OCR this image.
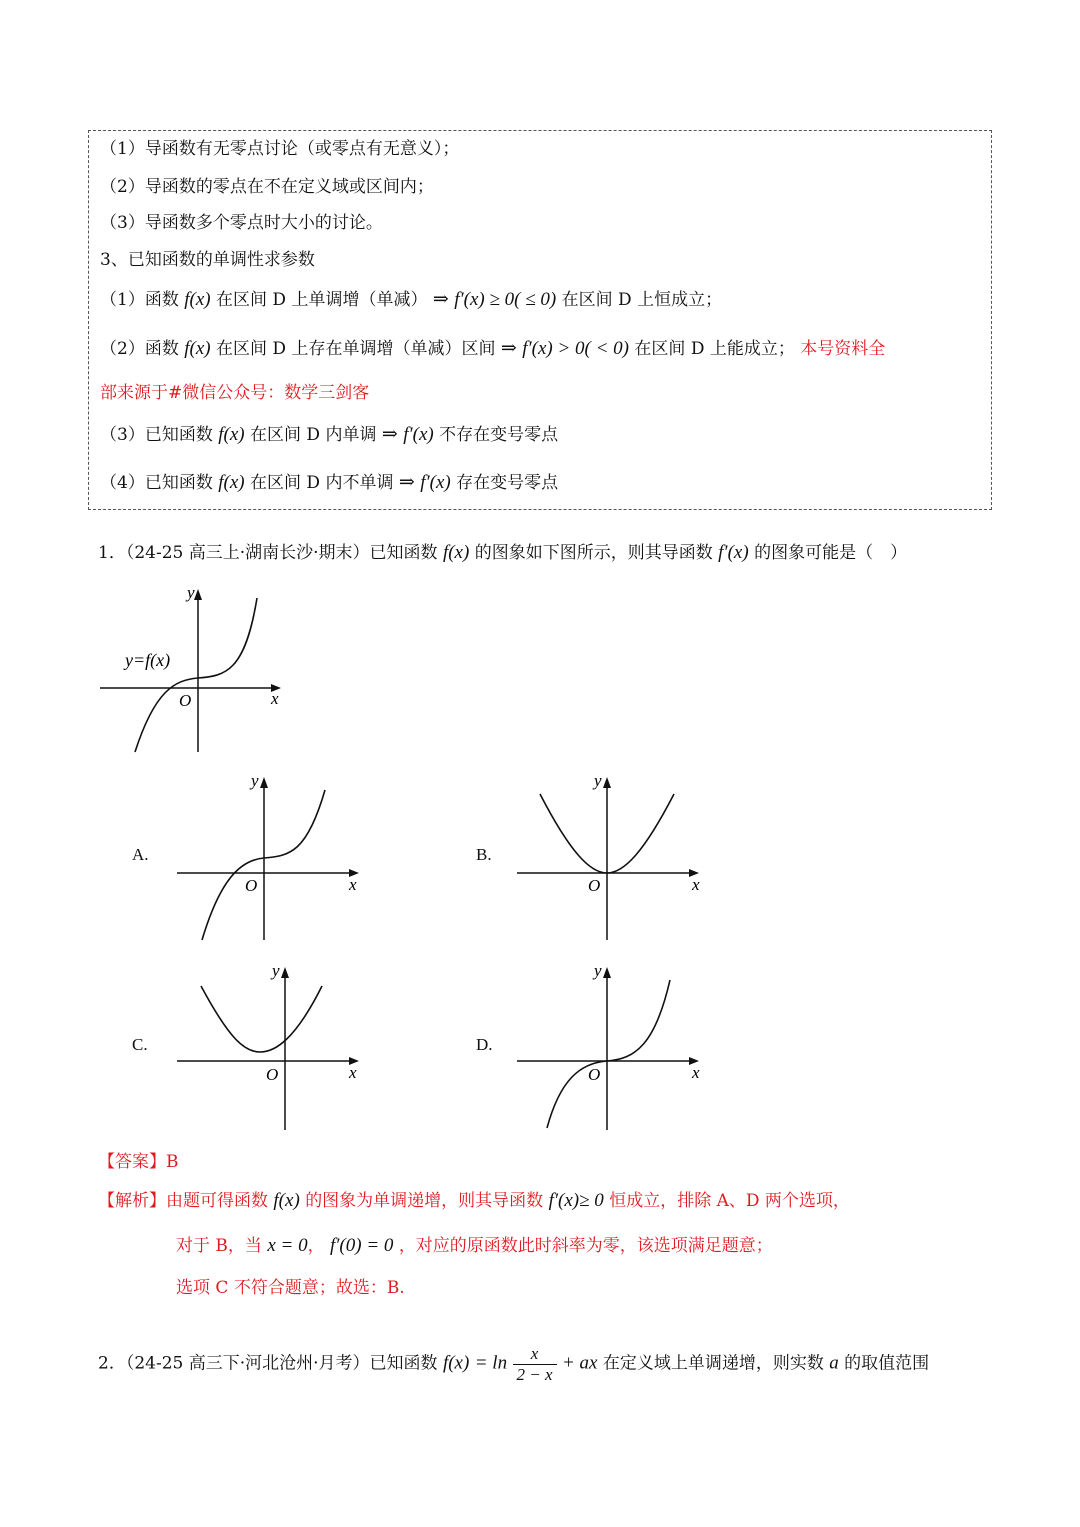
（1）导函数有无零点讨论（或零点有无意义）；
（2）导函数的零点在不在定义域或区间内；
（3）导函数多个零点时大小的讨论。
3、已知函数的单调性求参数
（1）函数 f(x) 在区间 D 上单调增（单减） ⇒ f′(x) ≥ 0( ≤ 0) 在区间 D 上恒成立；
（2）函数 f(x) 在区间 D 上存在单调增（单减）区间 ⇒ f′(x) > 0( < 0) 在区间 D 上能成立； 本号资料全
部来源于#微信公众号：数学三剑客
（3）已知函数 f(x) 在区间 D 内单调 ⇒ f′(x) 不存在变号零点
（4）已知函数 f(x) 在区间 D 内不单调 ⇒ f′(x) 存在变号零点
1．（24-25 高三上·湖南长沙·期末）已知函数 f(x) 的图象如下图所示，则其导函数 f′(x) 的图象可能是（　）
y
x
O
y=f(x)
A.
y
x
O
B.
y
x
O
C.
y
x
O
D.
y
x
O
【答案】B
【解析】由题可得函数 f(x) 的图象为单调递增，则其导函数 f′(x)≥ 0 恒成立，排除 A、D 两个选项，
对于 B，当 x = 0， f′(0) = 0 ，对应的原函数此时斜率为零，该选项满足题意；
选项 C 不符合题意；故选：B.
2．（24-25 高三下·河北沧州·月考）已知函数 $f(x) = \ln \frac{x}{2 - x}$ + ax 在定义域上单调递增，则实数 a 的取值范围
